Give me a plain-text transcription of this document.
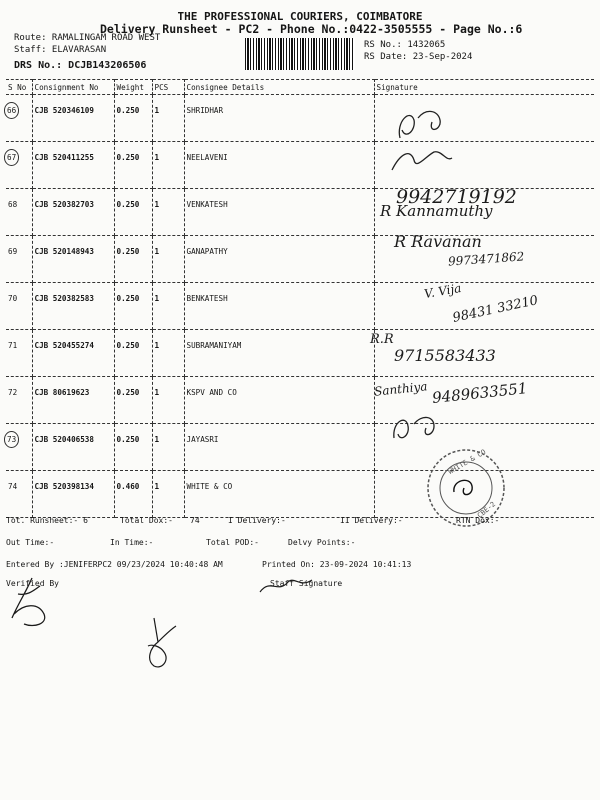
THE PROFESSIONAL COURIERS, COIMBATORE
Delivery Runsheet - PC2 - Phone No.:0422-3505555 - Page No.:6
Route: RAMALINGAM ROAD WEST
Staff: ELAVARASAN
DRS No.: DCJB143206506
RS No.: 1432065
RS Date: 23-Sep-2024
S No	Consignment No	Weight	PCS	Consignee Details	Signature
66	CJB 520346109	0.250	1	SHRIDHAR	
67	CJB 520411255	0.250	1	NEELAVENI	
68	CJB 520382703	0.250	1	VENKATESH	
69	CJB 520148943	0.250	1	GANAPATHY	
70	CJB 520382583	0.250	1	BENKATESH	
71	CJB 520455274	0.250	1	SUBRAMANIYAM	
72	CJB 80619623	0.250	1	KSPV AND CO	
73	CJB 520406538	0.250	1	JAYASRI	
74	CJB 520398134	0.460	1	WHITE & CO	
9942719192
R Kannamuthy
R Ravanan
9973471862
V. Vija
98431 33210
R.R
9715583433
Santhiya 9489633551
WHITE & CO
CBE-2
Tot. Runsheet:- 6	Total Dox:- 74	I Delivery:-	II Delivery:-	RTN Dox:-
Out Time:-	In Time:-	Total POD:-	Delvy Points:-
Entered By :JENIFERPC2 09/23/2024 10:40:48 AM	Printed On: 23-09-2024 10:41:13
Verified By	Staff Signature
